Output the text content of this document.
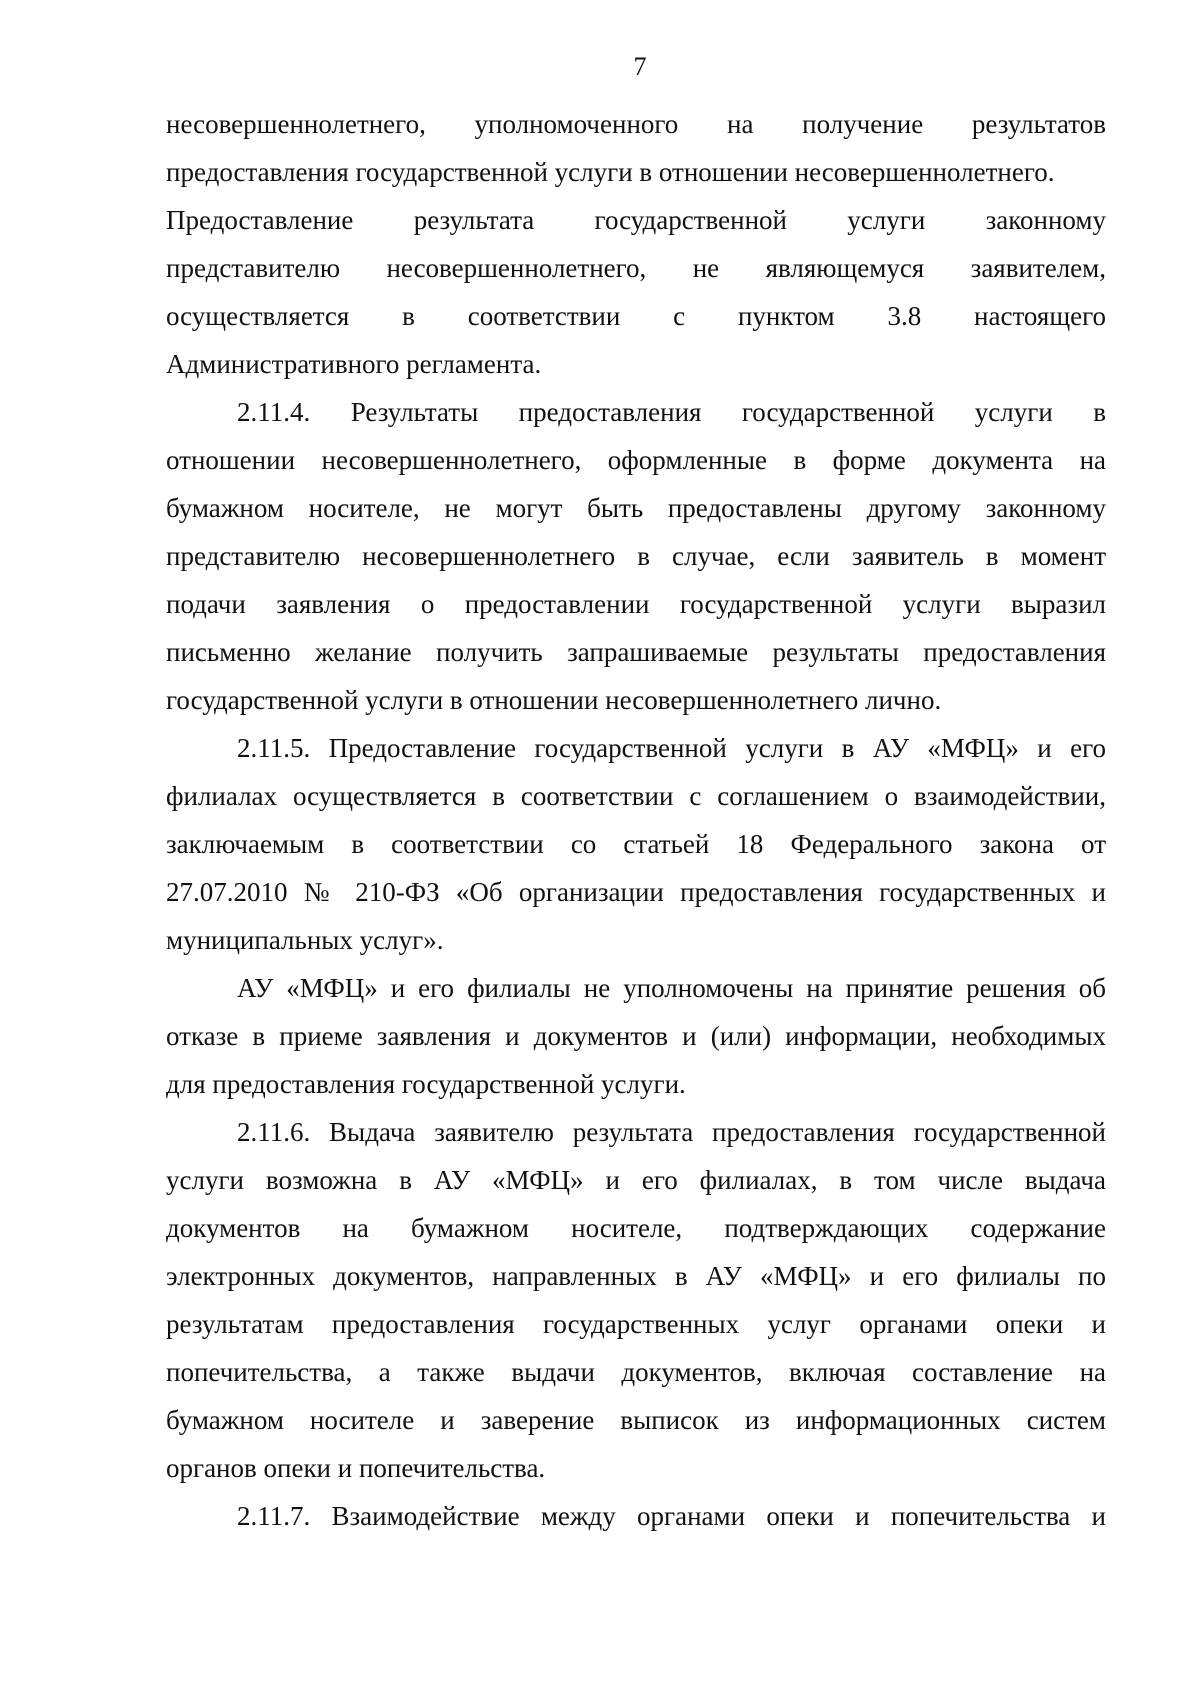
7
несовершеннолетнего, уполномоченного на получение результатов
предоставления государственной услуги в отношении несовершеннолетнего.
Предоставление результата государственной услуги законному
представителю несовершеннолетнего, не являющемуся заявителем,
осуществляется в соответствии с пунктом 3.8 настоящего
Административного регламента.
2.11.4. Результаты предоставления государственной услуги в
отношении несовершеннолетнего, оформленные в форме документа на
бумажном носителе, не могут быть предоставлены другому законному
представителю несовершеннолетнего в случае, если заявитель в момент
подачи заявления о предоставлении государственной услуги выразил
письменно желание получить запрашиваемые результаты предоставления
государственной услуги в отношении несовершеннолетнего лично.
2.11.5. Предоставление государственной услуги в АУ «МФЦ» и его
филиалах осуществляется в соответствии с соглашением о взаимодействии,
заключаемым в соответствии со статьей 18 Федерального закона от
27.07.2010 № 210-ФЗ «Об организации предоставления государственных и
муниципальных услуг».
АУ «МФЦ» и его филиалы не уполномочены на принятие решения об
отказе в приеме заявления и документов и (или) информации, необходимых
для предоставления государственной услуги.
2.11.6. Выдача заявителю результата предоставления государственной
услуги возможна в АУ «МФЦ» и его филиалах, в том числе выдача
документов на бумажном носителе, подтверждающих содержание
электронных документов, направленных в АУ «МФЦ» и его филиалы по
результатам предоставления государственных услуг органами опеки и
попечительства, а также выдачи документов, включая составление на
бумажном носителе и заверение выписок из информационных систем
органов опеки и попечительства.
2.11.7. Взаимодействие между органами опеки и попечительства и
